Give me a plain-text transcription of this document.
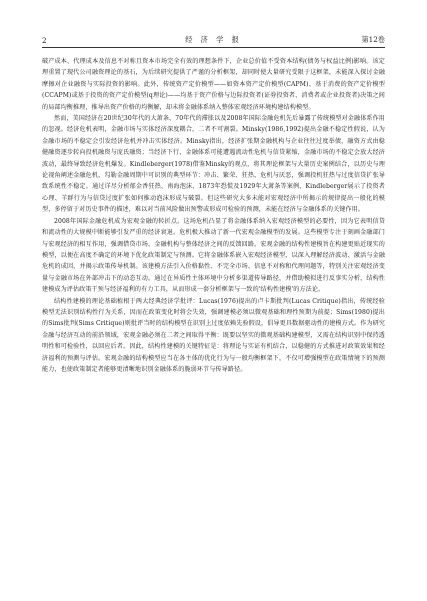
2	经 济 学 报	第12卷

破产成本、代理成本及信息不对称且资本市场完全有效的理想条件下，企业总价值不受资本结构(债务与权益比例)影响。该定理重置了现代公司融资理论的基石，为后续研究提供了严谨的分析框架，却同时使大量研究受限于这框架，未能深入探讨金融摩擦对企业融资与实际投资的影响。此外，传统资产定价模型——如资本资产定价模型(CAPM)、基于消费的资产定价模型(CCAPM)或基于投资的资产定价模型(q理论)——均基于资产价格与边际投资者(证券投资者、消费者或企业投资者)决策之间的局部均衡推理，推导出资产价格的均衡解，却未将金融体系纳入整体宏观经济环境构建结构模型。

然而，美国经济在20世纪30年代的大萧条、70年代的滞胀以及2008年国际金融危机先后暴露了传统模型对金融体系作用的忽视。经济危机表明，金融市场与实体经济深度耦合，二者不可割裂。Minsky(1986,1992)提出金融不稳定性假说，认为金融市场的不稳定会引发经济危机并冲击实体经济。Minsky指出，经济扩张期金融机构与企业往往过度举债，融资方式由稳健融资逐步转向投机融资与庞氏融资；当经济下行，金融体系可能遭遇流动性危机与信贷紧缩，金融市场的不稳定会放大经济波动，最终导致经济危机爆发。Kindleberger(1978)借鉴Minsky的观点，将其理论框架与大量历史案例结合，以历史与理论视角阐述金融危机，勾勒金融周期中可识别的典型环节：冲击、繁荣、狂热、危机与厌恶，强调投机狂热与过度信贷扩张导致系统性不稳定。通过详尽分析郁金香狂热、南海泡沫、1873年恐慌及1929年大萧条等案例，Kindleberger展示了投资者心理、羊群行为与信贷过度扩张如何推动泡沫形成与破裂。但这些研究大多未能对宏观经济中所揭示的规律提出一般化的模型，多停留于对历史事件的描述，难以对当前风险做出预警或形成可检验的预测，未能在经济与金融体系的关键作用。

2008年国际金融危机成为宏观金融的转折点。这场危机凸显了将金融体系纳入宏观经济模型的必要性，因为它表明信贷和流动性的大规模中断能够引发严重的经济衰退。危机极大推动了新一代宏观金融模型的发展。这些模型专注于刻画金融部门与宏观经济的相互作用，强调借贷市场、金融机构与整体经济之间的反馈回路。宏观金融的结构性建模旨在构建更贴近现实的模型，以便在高度不确定的环境下优化政策制定与预测。它将金融体系嵌入宏观经济模型，以深入理解经济波动、激活与金融危机的成因，并揭示政策传导机制。该建模方法引入价格黏性、不完全市场、信息不对称和代理问题等，特别关注宏观经济变量与金融市场在外部冲击下的动态互动。通过在异质性主体环境中分析多渠道传导路径，并借助模拟进行反事实分析，结构性建模成为评估政策干预与经济福利的有力工具，从而形成一套分析框架与一致的'结构性建模'的方法论。

结构性建模的理论基础植根于两大经典经济学批评：Lucas(1976)提出的卢卡斯批判(Lucas Critique)指出，传统经验模型无法识别结构性行为关系，因而在政策变化时将会失效，强调建模必须以微观基础和理性预期为前提；Sims(1980)提出的Sims批判(Sims Critique)则批评当时的结构模型在识别上过度依赖先验假设，倡导更具数据驱动性的建模方式。作为研究金融与经济互动的前沿领域，宏观金融必须在二者之间取得平衡：既要以坚实的微观基础构建模型，又需在结构识别中保持透明性和可检验性，以回应后者。因此，结构性建模的关键特征是：将理论与实证有机结合，以稳健的方式推进对政策效果和经济福利的预测与评估。宏观金融的结构模型应当在各主体的优化行为与一般均衡框架下，不仅可增强模型在政策情境下的预测能力，也使政策制定者能够更清晰地识别金融体系的脆弱环节与传导路径。
